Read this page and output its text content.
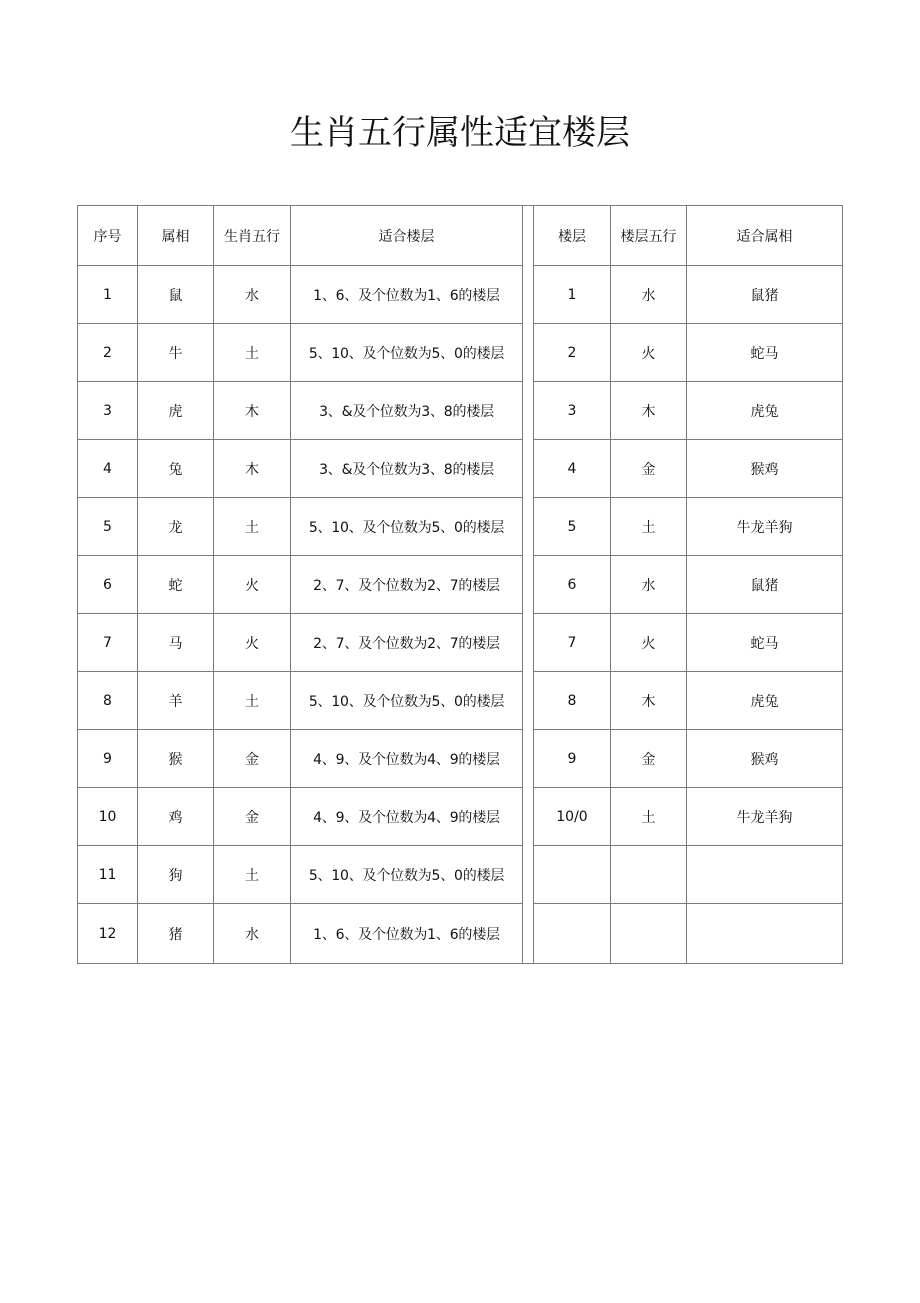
生肖五行属性适宜楼层
序号	属相	生肖五行	适合楼层		楼层	楼层五行	适合属相
1	鼠	水	1、6、及个位数为1、6的楼层		1	水	鼠猪
2	牛	土	5、10、及个位数为5、0的楼层		2	火	蛇马
3	虎	木	3、&及个位数为3、8的楼层		3	木	虎兔
4	兔	木	3、&及个位数为3、8的楼层		4	金	猴鸡
5	龙	土	5、10、及个位数为5、0的楼层		5	土	牛龙羊狗
6	蛇	火	2、7、及个位数为2、7的楼层		6	水	鼠猪
7	马	火	2、7、及个位数为2、7的楼层		7	火	蛇马
8	羊	土	5、10、及个位数为5、0的楼层		8	木	虎兔
9	猴	金	4、9、及个位数为4、9的楼层		9	金	猴鸡
10	鸡	金	4、9、及个位数为4、9的楼层		10/0	土	牛龙羊狗
11	狗	土	5、10、及个位数为5、0的楼层				
12	猪	水	1、6、及个位数为1、6的楼层				
